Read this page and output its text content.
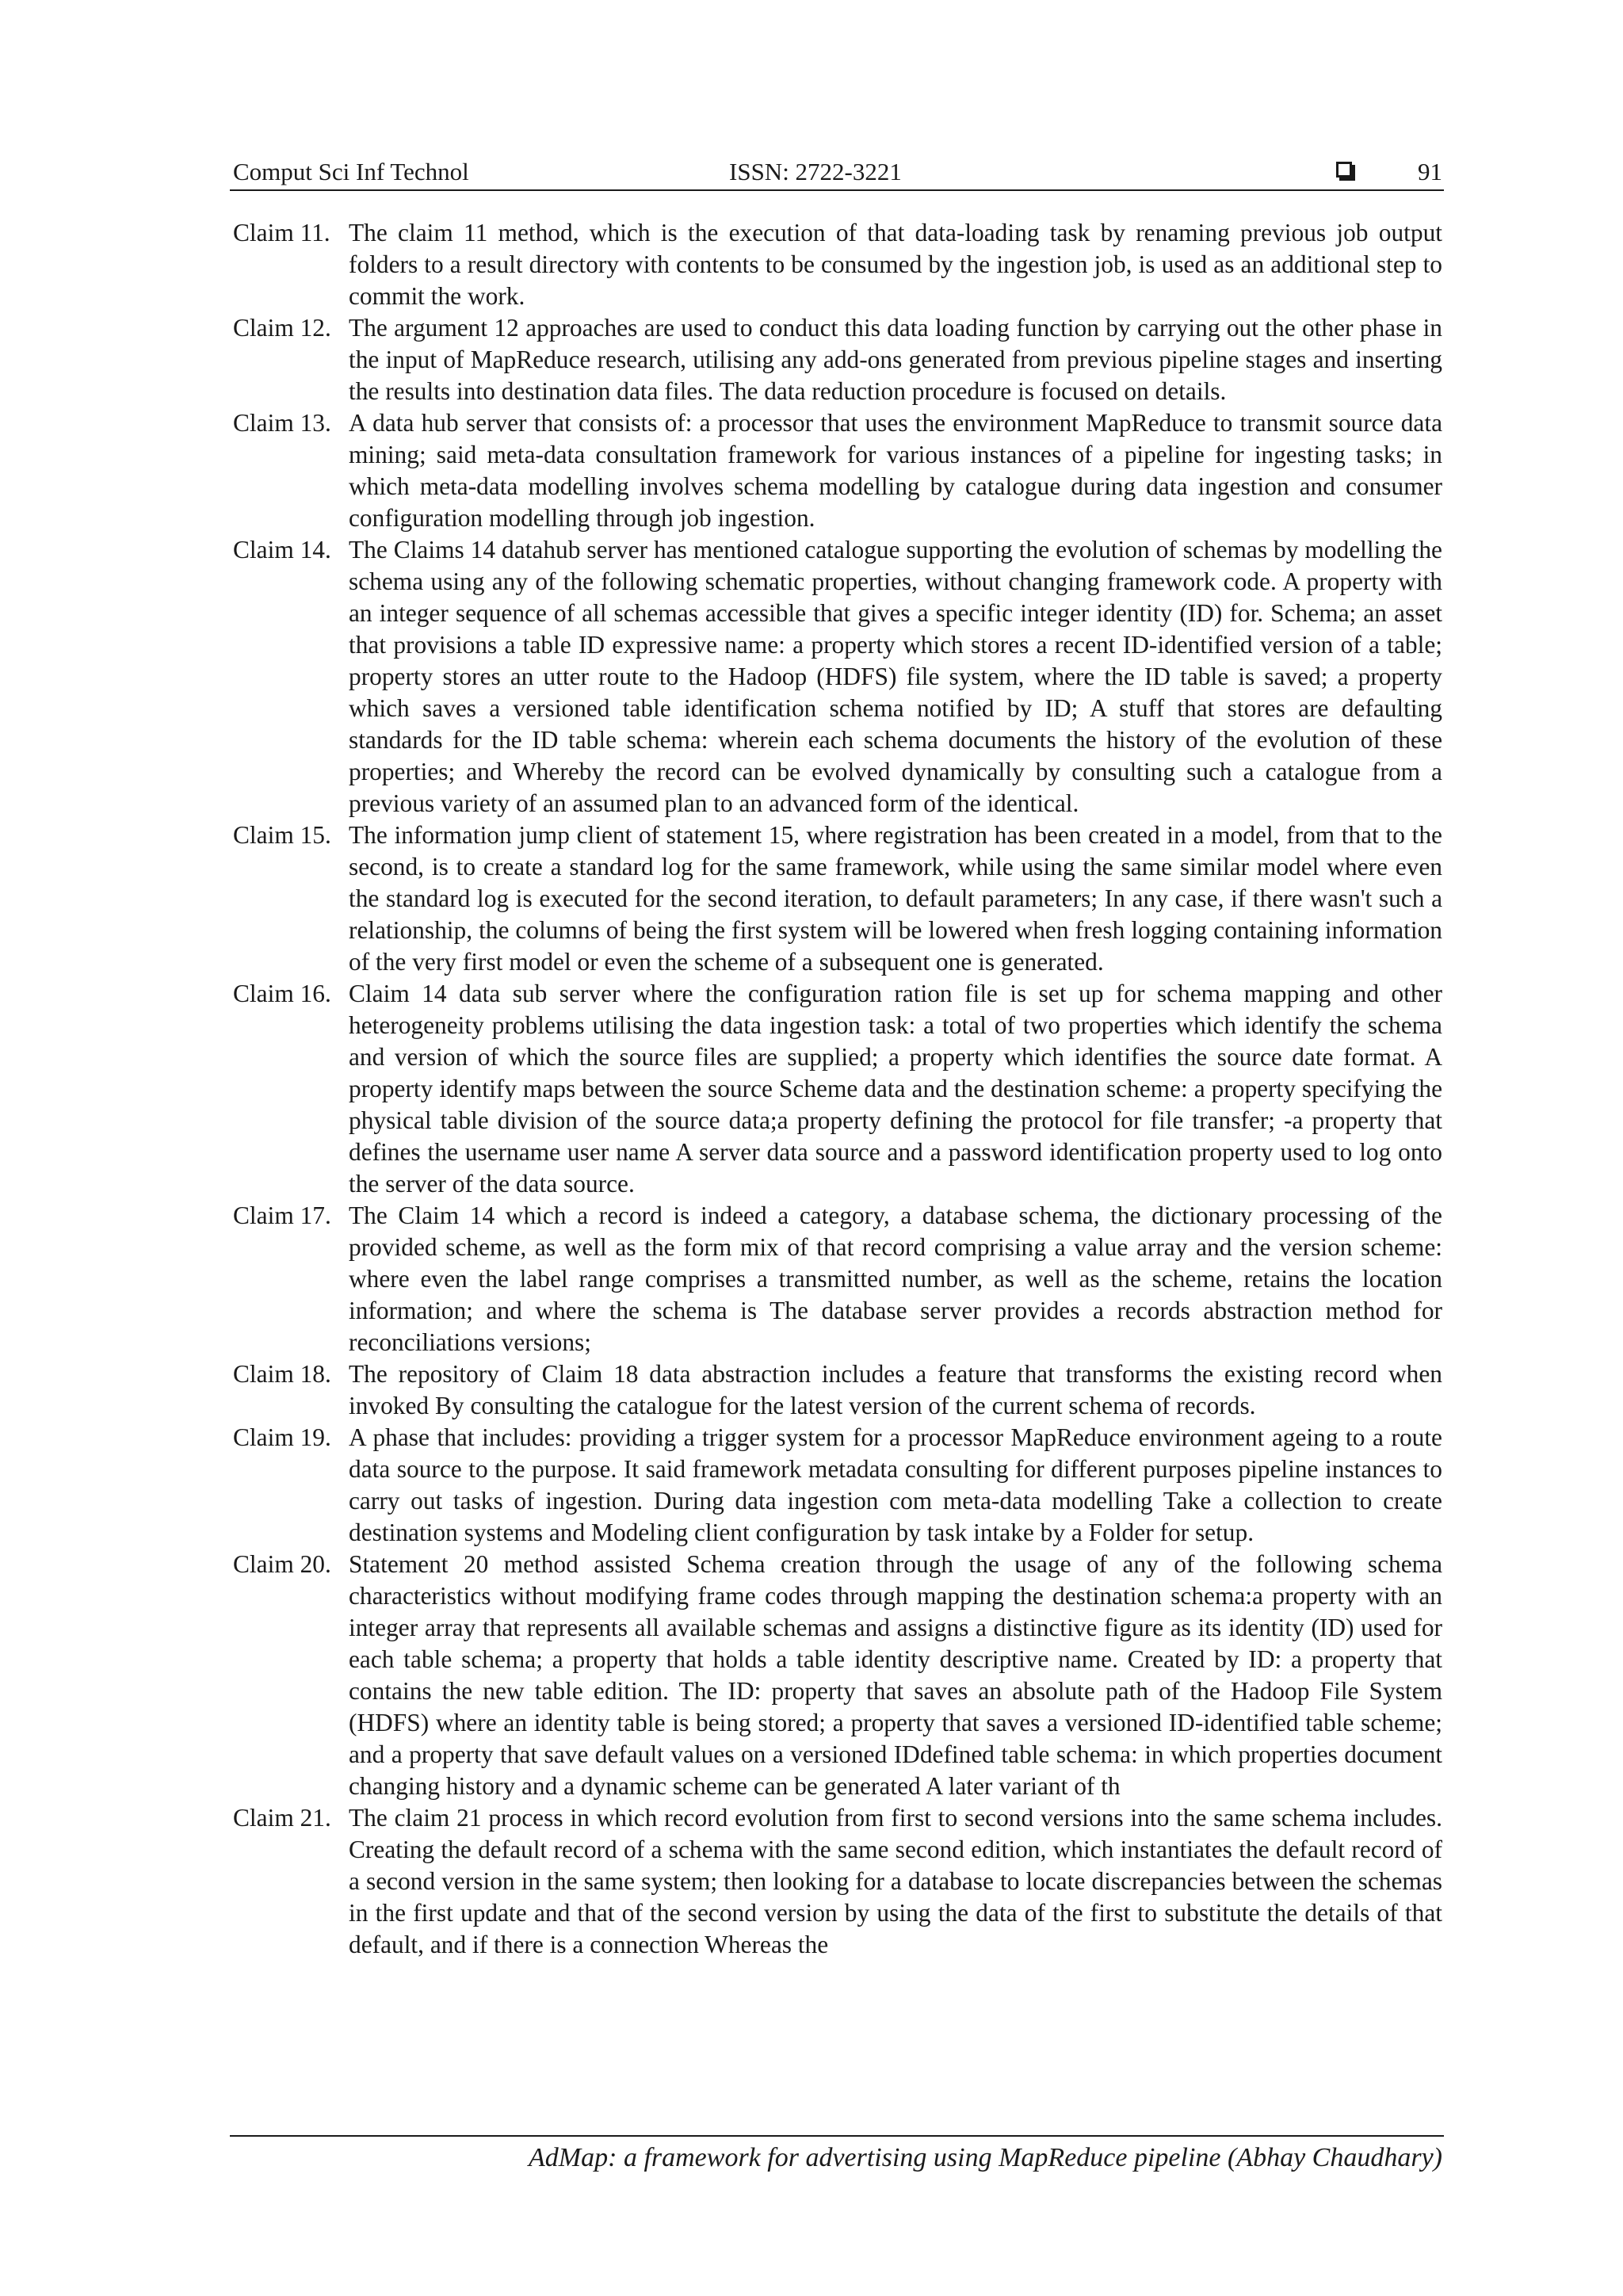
Comput Sci Inf Technol	ISSN: 2722-3221	91
Claim 11. The claim 11 method, which is the execution of that data-loading task by renaming previous job output folders to a result directory with contents to be consumed by the ingestion job, is used as an additional step to commit the work.
Claim 12. The argument 12 approaches are used to conduct this data loading function by carrying out the other phase in the input of MapReduce research, utilising any add-ons generated from previous pipeline stages and inserting the results into destination data files. The data reduction procedure is focused on details.
Claim 13. A data hub server that consists of: a processor that uses the environment MapReduce to transmit source data mining; said meta-data consultation framework for various instances of a pipeline for ingesting tasks; in which meta-data modelling involves schema modelling by catalogue during data ingestion and consumer configuration modelling through job ingestion.
Claim 14. The Claims 14 datahub server has mentioned catalogue supporting the evolution of schemas by modelling the schema using any of the following schematic properties, without changing framework code. A property with an integer sequence of all schemas accessible that gives a specific integer identity (ID) for. Schema; an asset that provisions a table ID expressive name: a property which stores a recent ID-identified version of a table; property stores an utter route to the Hadoop (HDFS) file system, where the ID table is saved; a property which saves a versioned table identification schema notified by ID; A stuff that stores are defaulting standards for the ID table schema: wherein each schema documents the history of the evolution of these properties; and Whereby the record can be evolved dynamically by consulting such a catalogue from a previous variety of an assumed plan to an advanced form of the identical.
Claim 15. The information jump client of statement 15, where registration has been created in a model, from that to the second, is to create a standard log for the same framework, while using the same similar model where even the standard log is executed for the second iteration, to default parameters; In any case, if there wasn't such a relationship, the columns of being the first system will be lowered when fresh logging containing information of the very first model or even the scheme of a subsequent one is generated.
Claim 16. Claim 14 data sub server where the configuration ration file is set up for schema mapping and other heterogeneity problems utilising the data ingestion task: a total of two properties which identify the schema and version of which the source files are supplied; a property which identifies the source date format. A property identify maps between the source Scheme data and the destination scheme: a property specifying the physical table division of the source data;a property defining the protocol for file transfer; -a property that defines the username user name A server data source and a password identification property used to log onto the server of the data source.
Claim 17. The Claim 14 which a record is indeed a category, a database schema, the dictionary processing of the provided scheme, as well as the form mix of that record comprising a value array and the version scheme: where even the label range comprises a transmitted number, as well as the scheme, retains the location information; and where the schema is The database server provides a records abstraction method for reconciliations versions;
Claim 18. The repository of Claim 18 data abstraction includes a feature that transforms the existing record when invoked By consulting the catalogue for the latest version of the current schema of records.
Claim 19. A phase that includes: providing a trigger system for a processor MapReduce environment ageing to a route data source to the purpose. It said framework metadata consulting for different purposes pipeline instances to carry out tasks of ingestion. During data ingestion com meta-data modelling Take a collection to create destination systems and Modeling client configuration by task intake by a Folder for setup.
Claim 20. Statement 20 method assisted Schema creation through the usage of any of the following schema characteristics without modifying frame codes through mapping the destination schema:a property with an integer array that represents all available schemas and assigns a distinctive figure as its identity (ID) used for each table schema; a property that holds a table identity descriptive name. Created by ID: a property that contains the new table edition. The ID: property that saves an absolute path of the Hadoop File System (HDFS) where an identity table is being stored; a property that saves a versioned ID-identified table scheme; and a property that save default values on a versioned IDdefined table schema: in which properties document changing history and a dynamic scheme can be generated A later variant of th
Claim 21. The claim 21 process in which record evolution from first to second versions into the same schema includes. Creating the default record of a schema with the same second edition, which instantiates the default record of a second version in the same system; then looking for a database to locate discrepancies between the schemas in the first update and that of the second version by using the data of the first to substitute the details of that default, and if there is a connection Whereas the
AdMap: a framework for advertising using MapReduce pipeline (Abhay Chaudhary)
